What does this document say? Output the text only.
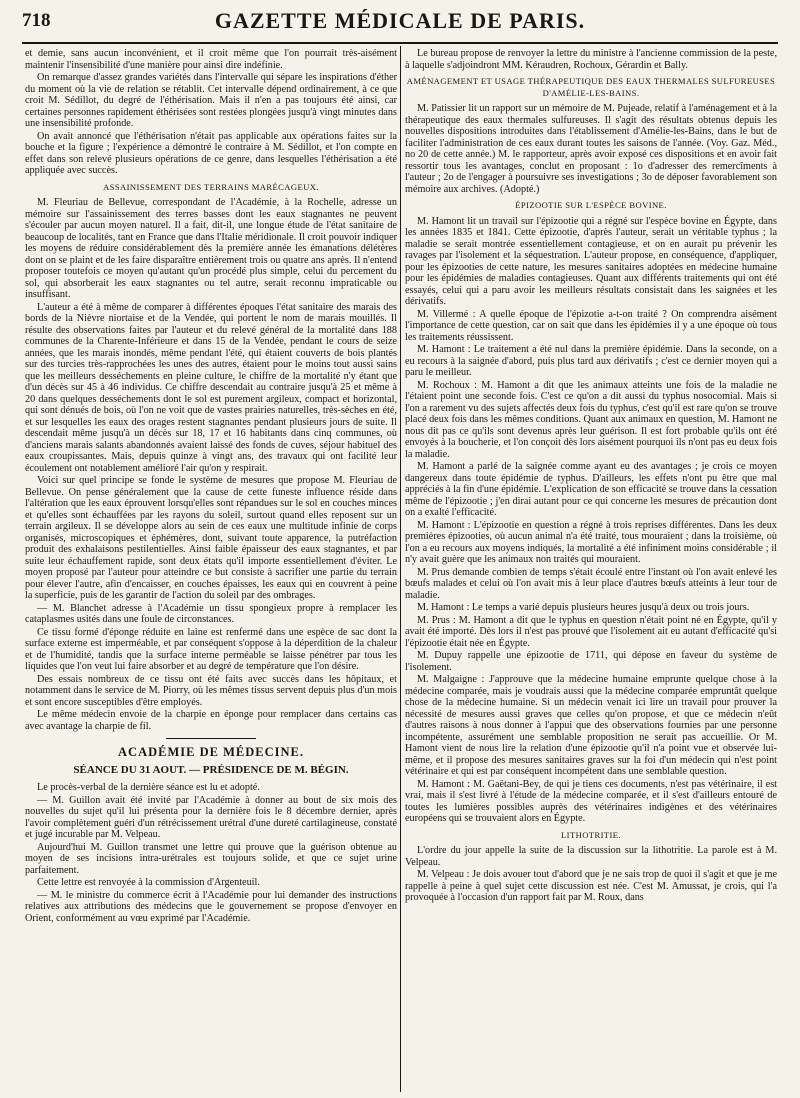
718	GAZETTE MÉDICALE DE PARIS.

et demie, sans aucun inconvénient, et il croit même que l'on pourrait très-aisément maintenir l'insensibilité d'une manière pour ainsi dire indéfinie.

On remarque d'assez grandes variétés dans l'intervalle qui sépare les inspirations d'éther du moment où la vie de relation se rétablit. Cet intervalle dépend ordinairement, à ce que croit M. Sédillot, du degré de l'éthérisation. Mais il n'en a pas toujours été ainsi, car certaines personnes rapidement éthérisées sont restées plongées jusqu'à vingt minutes dans une insensibilité profonde.

On avait annoncé que l'éthérisation n'était pas applicable aux opérations faites sur la bouche et la figure ; l'expérience a démontré le contraire à M. Sédillot, et l'on compte en effet dans son relevé plusieurs opérations de ce genre, dans lesquelles l'éthérisation a été appliquée avec succès.

ASSAINISSEMENT DES TERRAINS MARÉCAGEUX.

M. Fleuriau de Bellevue, correspondant de l'Académie, à la Rochelle, adresse un mémoire sur l'assainissement des terres basses dont les eaux stagnantes ne peuvent s'écouler par aucun moyen naturel. Il a fait, dit-il, une longue étude de l'état sanitaire de beaucoup de localités, tant en France que dans l'Italie méridionale. Il croit pouvoir indiquer les moyens de réduire considérablement dès la première année les émanations délétères dont on se plaint et de les faire disparaître entièrement trois ou quatre ans après. Il n'entend proposer toutefois ce moyen qu'autant qu'un procédé plus simple, celui du percement du sol, qui absorberait les eaux stagnantes ou tel autre, serait reconnu impraticable ou insuffisant.

L'auteur a été à même de comparer à différentes époques l'état sanitaire des marais des bords de la Nièvre niortaise et de la Vendée, qui portent le nom de marais mouillés. Il résulte des observations faites par l'auteur et du relevé général de la mortalité dans 188 communes de la Charente-Inférieure et dans 15 de la Vendée, pendant le cours de seize années, que les marais inondés, même pendant l'été, qui étaient couverts de bois plantés sur des turcies très-rapprochées les unes des autres, étaient pour le moins tout aussi sains que les meilleurs desséchements en pleine culture, le chiffre de la mortalité n'y étant que d'un décès sur 45 à 46 individus. Ce chiffre descendait au contraire jusqu'à 25 et même à 20 dans quelques desséchements dont le sol est purement argileux, compact et horizontal, qui sont dénués de bois, où l'on ne voit que de vastes prairies naturelles, très-sèches en été, et sur lesquelles les eaux des orages restent stagnantes pendant plusieurs jours de suite. Il descendait même jusqu'à un décès sur 18, 17 et 16 habitants dans cinq communes, où d'anciens marais salants abandonnés avaient laissé des fonds de cuves, séjour habituel des eaux croupissantes. Mais, depuis quinze à vingt ans, des travaux qui ont facilité leur écoulement ont notablement amélioré l'air qu'on y respirait.

Voici sur quel principe se fonde le système de mesures que propose M. Fleuriau de Bellevue. On pense généralement que la cause de cette funeste influence réside dans l'altération que les eaux éprouvent lorsqu'elles sont répandues sur le sol en couches minces et qu'elles sont échauffées par les rayons du soleil, surtout quand elles reposent sur un terrain argileux. Il se développe alors au sein de ces eaux une multitude infinie de corps organisés, microscopiques et éphémères, dont, suivant toute apparence, la putréfaction produit des exhalaisons pestilentielles. Ainsi faible épaisseur des eaux stagnantes, et par suite leur échauffement rapide, sont deux états qu'il importe essentiellement d'éviter. Le moyen proposé par l'auteur pour atteindre ce but consiste à sacrifier une partie du terrain pour élever l'autre, afin d'encaisser, en couches épaisses, les eaux qui en couvrent à peine la superficie, puis de les garantir de l'action du soleil par des ombrages.

— M. Blanchet adresse à l'Académie un tissu spongieux propre à remplacer les cataplasmes usités dans une foule de circonstances.

Ce tissu formé d'éponge réduite en laine est renfermé dans une espèce de sac dont la surface externe est imperméable, et par conséquent s'oppose à la déperdition de la chaleur et de l'humidité, tandis que la surface interne perméable se laisse pénétrer par tous les liquides que l'on veut lui faire absorber et au degré de température que l'on désire.

Des essais nombreux de ce tissu ont été faits avec succès dans les hôpitaux, et notamment dans le service de M. Piorry, où les mêmes tissus servent depuis plus d'un mois et sont encore susceptibles d'être employés.

Le même médecin envoie de la charpie en éponge pour remplacer dans certains cas avec avantage la charpie de fil.

ACADÉMIE DE MÉDECINE.
SÉANCE DU 31 AOUT. — PRÉSIDENCE DE M. BÉGIN.

Le procès-verbal de la dernière séance est lu et adopté.

— M. Guillon avait été invité par l'Académie à donner au bout de six mois des nouvelles du sujet qu'il lui présenta pour la dernière fois le 8 décembre dernier, après l'avoir complètement guéri d'un rétrécissement urétral d'une dureté cartilagineuse, constaté et jugé incurable par M. Velpeau.

Aujourd'hui M. Guillon transmet une lettre qui prouve que la guérison obtenue au moyen de ses incisions intra-urétrales est toujours solide, et que ce sujet urine parfaitement.

Cette lettre est renvoyée à la commission d'Argenteuil.

— M. le ministre du commerce écrit à l'Académie pour lui demander des instructions relatives aux attributions des médecins que le gouvernement se propose d'envoyer en Orient, conformément au vœu exprimé par l'Académie.

Le bureau propose de renvoyer la lettre du ministre à l'ancienne commission de la peste, à laquelle s'adjoindront MM. Kéraudren, Rochoux, Gérardin et Bally.

AMÉNAGEMENT ET USAGE THÉRAPEUTIQUE DES EAUX THERMALES SULFUREUSES D'AMÉLIE-LES-BAINS.

M. Patissier lit un rapport sur un mémoire de M. Pujeade, relatif à l'aménagement et à la thérapeutique des eaux thermales sulfureuses. Il s'agit des résultats obtenus depuis les nouvelles dispositions introduites dans l'établissement d'Amélie-les-Bains, dans le but de faciliter l'administration de ces eaux durant toutes les saisons de l'année. (Voy. Gaz. Méd., no 20 de cette année.) M. le rapporteur, après avoir exposé ces dispositions et en avoir fait ressortir tous les avantages, conclut en proposant : 1o d'adresser des remercîments à l'auteur ; 2o de l'engager à poursuivre ses investigations ; 3o de déposer favorablement son mémoire aux archives. (Adopté.)

ÉPIZOOTIE SUR L'ESPÈCE BOVINE.

M. Hamont lit un travail sur l'épizootie qui a régné sur l'espèce bovine en Égypte, dans les années 1835 et 1841. Cette épizootie, d'après l'auteur, serait un véritable typhus ; la maladie se serait montrée essentiellement contagieuse, et on en aurait pu prévenir les ravages par l'isolement et la séquestration. L'auteur propose, en conséquence, d'appliquer, pour les épizooties de cette nature, les mesures sanitaires adoptées en médecine humaine pour les épidémies de maladies contagieuses. Quant aux différents traitements qui ont été essayés, celui qui a paru avoir les meilleurs résultats consistait dans les saignées et les dérivatifs.

M. Villermé : A quelle époque de l'épizotie a-t-on traité ? On comprendra aisément l'importance de cette question, car on sait que dans les épidémies il y a une époque où tous les traitements réussissent.

M. Hamont : Le traitement a été nul dans la première épidémie. Dans la seconde, on a eu recours à la saignée d'abord, puis plus tard aux dérivatifs ; c'est ce dernier moyen qui a paru le meilleur.

M. Rochoux : M. Hamont a dit que les animaux atteints une fois de la maladie ne l'étaient point une seconde fois. C'est ce qu'on a dit aussi du typhus nosocomial. Mais si l'on a rarement vu des sujets affectés deux fois du typhus, c'est qu'il est rare qu'on se trouve placé deux fois dans les mêmes conditions. Quant aux animaux en question, M. Hamont ne nous dit pas ce qu'ils sont devenus après leur guérison. Il est fort probable qu'ils ont été envoyés à la boucherie, et l'on conçoit dès lors aisément pourquoi ils n'ont pas eu deux fois la maladie.

M. Hamont a parlé de la saignée comme ayant eu des avantages ; je crois ce moyen dangereux dans toute épidémie de typhus. D'ailleurs, les effets n'ont pu être que mal appréciés à la fin d'une épidémie. L'explication de son efficacité se trouve dans la cessation même de l'épizootie ; j'en dirai autant pour ce qui concerne les mesures de précaution dont on a exalté l'efficacité.

M. Hamont : L'épizootie en question a régné à trois reprises différentes. Dans les deux premières épizooties, où aucun animal n'a été traité, tous mouraient ; dans la troisième, où l'on a eu recours aux moyens indiqués, la mortalité a été infiniment moins considérable ; il n'y avait guère que les animaux non traités qui mouraient.

M. Prus demande combien de temps s'était écoulé entre l'instant où l'on avait enlevé les bœufs malades et celui où l'on avait mis à leur place d'autres bœufs atteints à leur tour de maladie.

M. Hamont : Le temps a varié depuis plusieurs heures jusqu'à deux ou trois jours.

M. Prus : M. Hamont a dit que le typhus en question n'était point né en Égypte, qu'il y avait été importé. Dès lors il n'est pas prouvé que l'isolement ait eu autant d'efficacité qu'si l'épizootie était née en Égypte.

M. Dupuy rappelle une épizootie de 1711, qui dépose en faveur du système de l'isolement.

M. Malgaigne : J'approuve que la médecine humaine emprunte quelque chose à la médecine comparée, mais je voudrais aussi que la médecine comparée empruntât quelque chose de la médecine humaine. Si un médecin venait ici lire un travail pour prouver la nécessité de mesures aussi graves que celles qu'on propose, et que ce médecin n'eût d'autres raisons à nous donner à l'appui que des observations fournies par une personne incompétente, assurément une semblable proposition ne serait pas accueillie. Or M. Hamont vient de nous lire la relation d'une épizootie qu'il n'a point vue et observée lui-même, et il propose des mesures sanitaires graves sur la foi d'un médecin qui n'est point vétérinaire et qui est par conséquent incompétent dans une semblable question.

M. Hamont : M. Gaëtani-Bey, de qui je tiens ces documents, n'est pas vétérinaire, il est vrai, mais il s'est livré à l'étude de la médecine comparée, et il s'est d'ailleurs entouré de toutes les lumières possibles auprès des vétérinaires indigènes et des vétérinaires européens qui se trouvaient alors en Égypte.

LITHOTRITIE.

L'ordre du jour appelle la suite de la discussion sur la lithotritie. La parole est à M. Velpeau.

M. Velpeau : Je dois avouer tout d'abord que je ne sais trop de quoi il s'agit et que je me rappelle à peine à quel sujet cette discussion est née. C'est M. Amussat, je crois, qui l'a provoquée à l'occasion d'un rapport fait par M. Roux, dans
